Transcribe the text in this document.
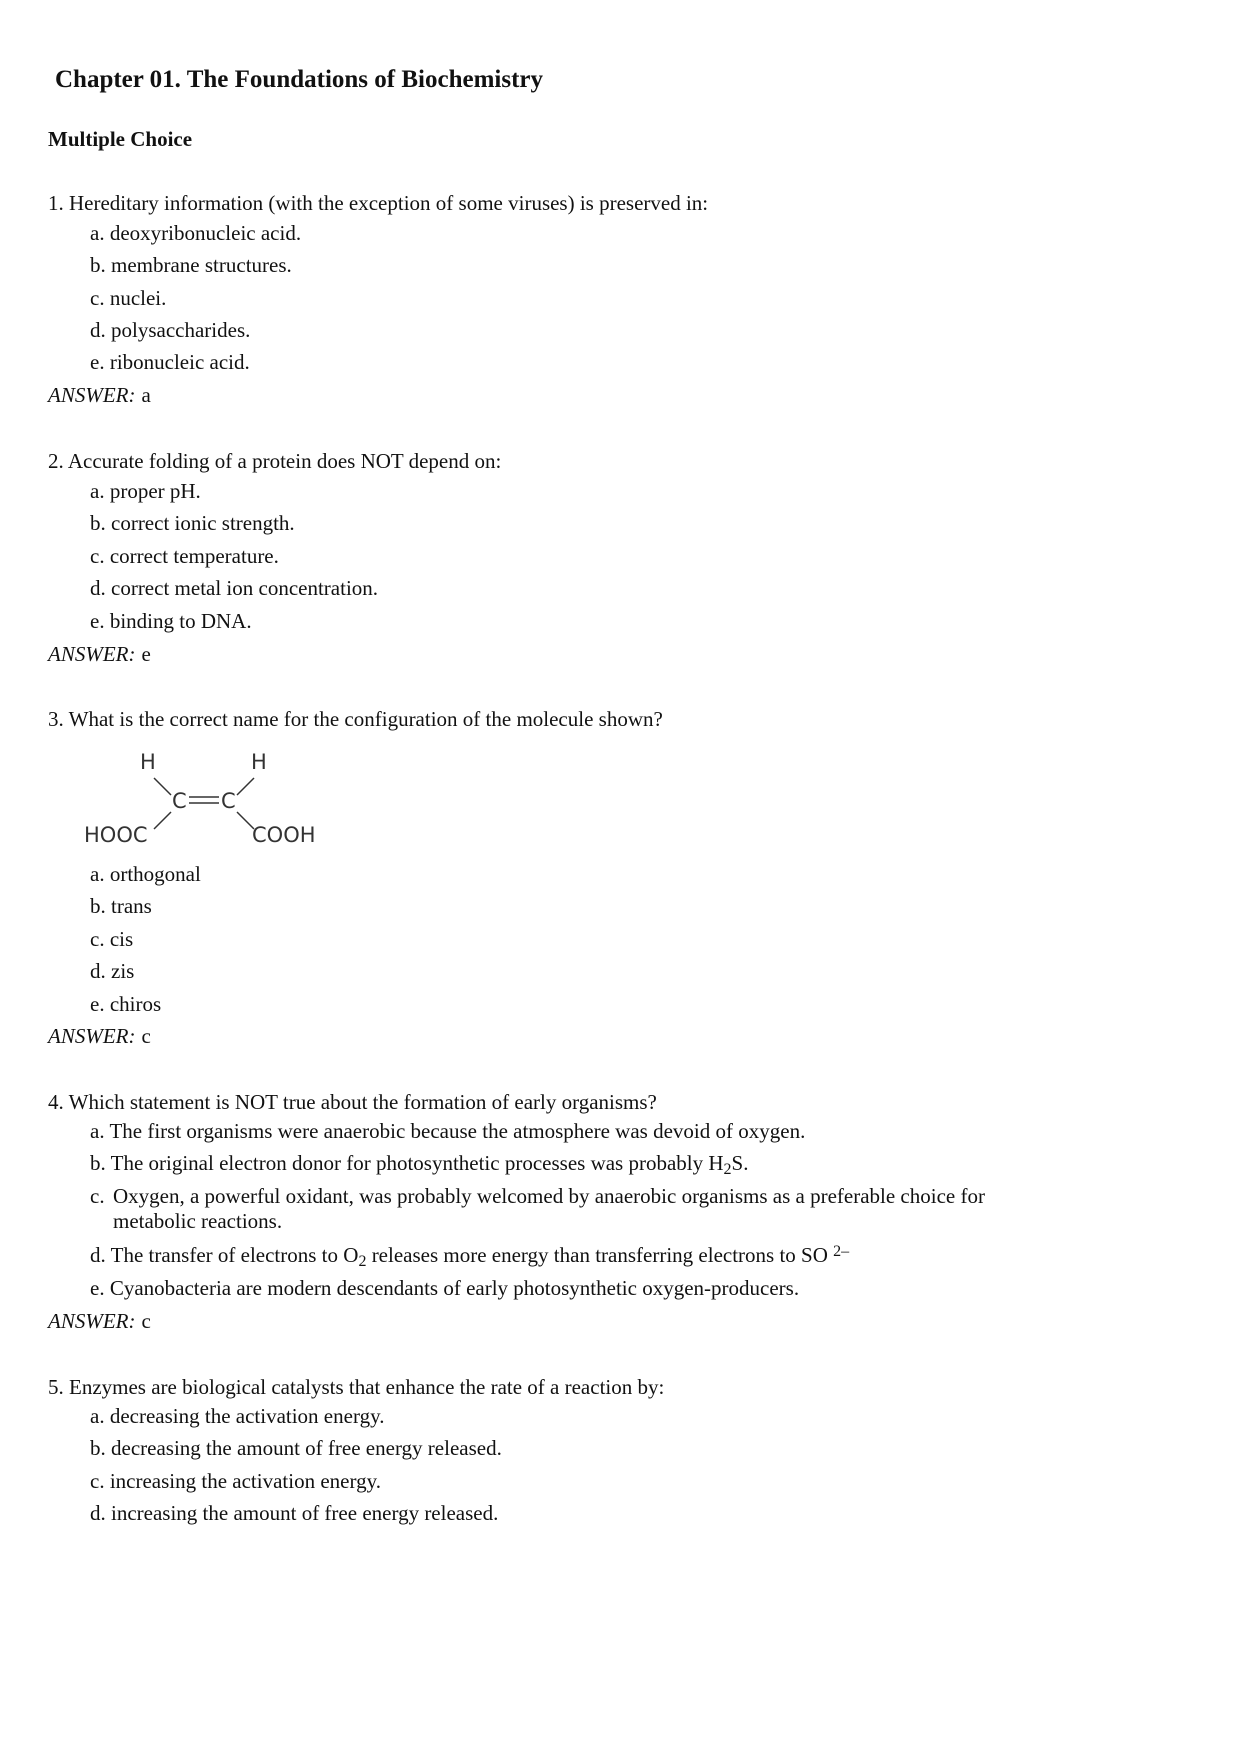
Chapter 01. The Foundations of Biochemistry
Multiple Choice
1. Hereditary information (with the exception of some viruses) is preserved in:
a. deoxyribonucleic acid.
b. membrane structures.
c. nuclei.
d. polysaccharides.
e. ribonucleic acid.
ANSWER: a
2. Accurate folding of a protein does NOT depend on:
a. proper pH.
b. correct ionic strength.
c. correct temperature.
d. correct metal ion concentration.
e. binding to DNA.
ANSWER: e
3. What is the correct name for the configuration of the molecule shown?
H	H
C C
HOOC	COOH
a. orthogonal
b. trans
c. cis
d. zis
e. chiros
ANSWER: c
4. Which statement is NOT true about the formation of early organisms?
a. The first organisms were anaerobic because the atmosphere was devoid of oxygen.
b. The original electron donor for photosynthetic processes was probably $H_2S$.
c. Oxygen, a powerful oxidant, was probably welcomed by anaerobic organisms as a preferable choice for
metabolic reactions.
d. The transfer of electrons to $O_2$ releases more energy than transferring electrons to SO $^{2-}$
e. Cyanobacteria are modern descendants of early photosynthetic oxygen-producers.
ANSWER: c
5. Enzymes are biological catalysts that enhance the rate of a reaction by:
a. decreasing the activation energy.
b. decreasing the amount of free energy released.
c. increasing the activation energy.
d. increasing the amount of free energy released.
